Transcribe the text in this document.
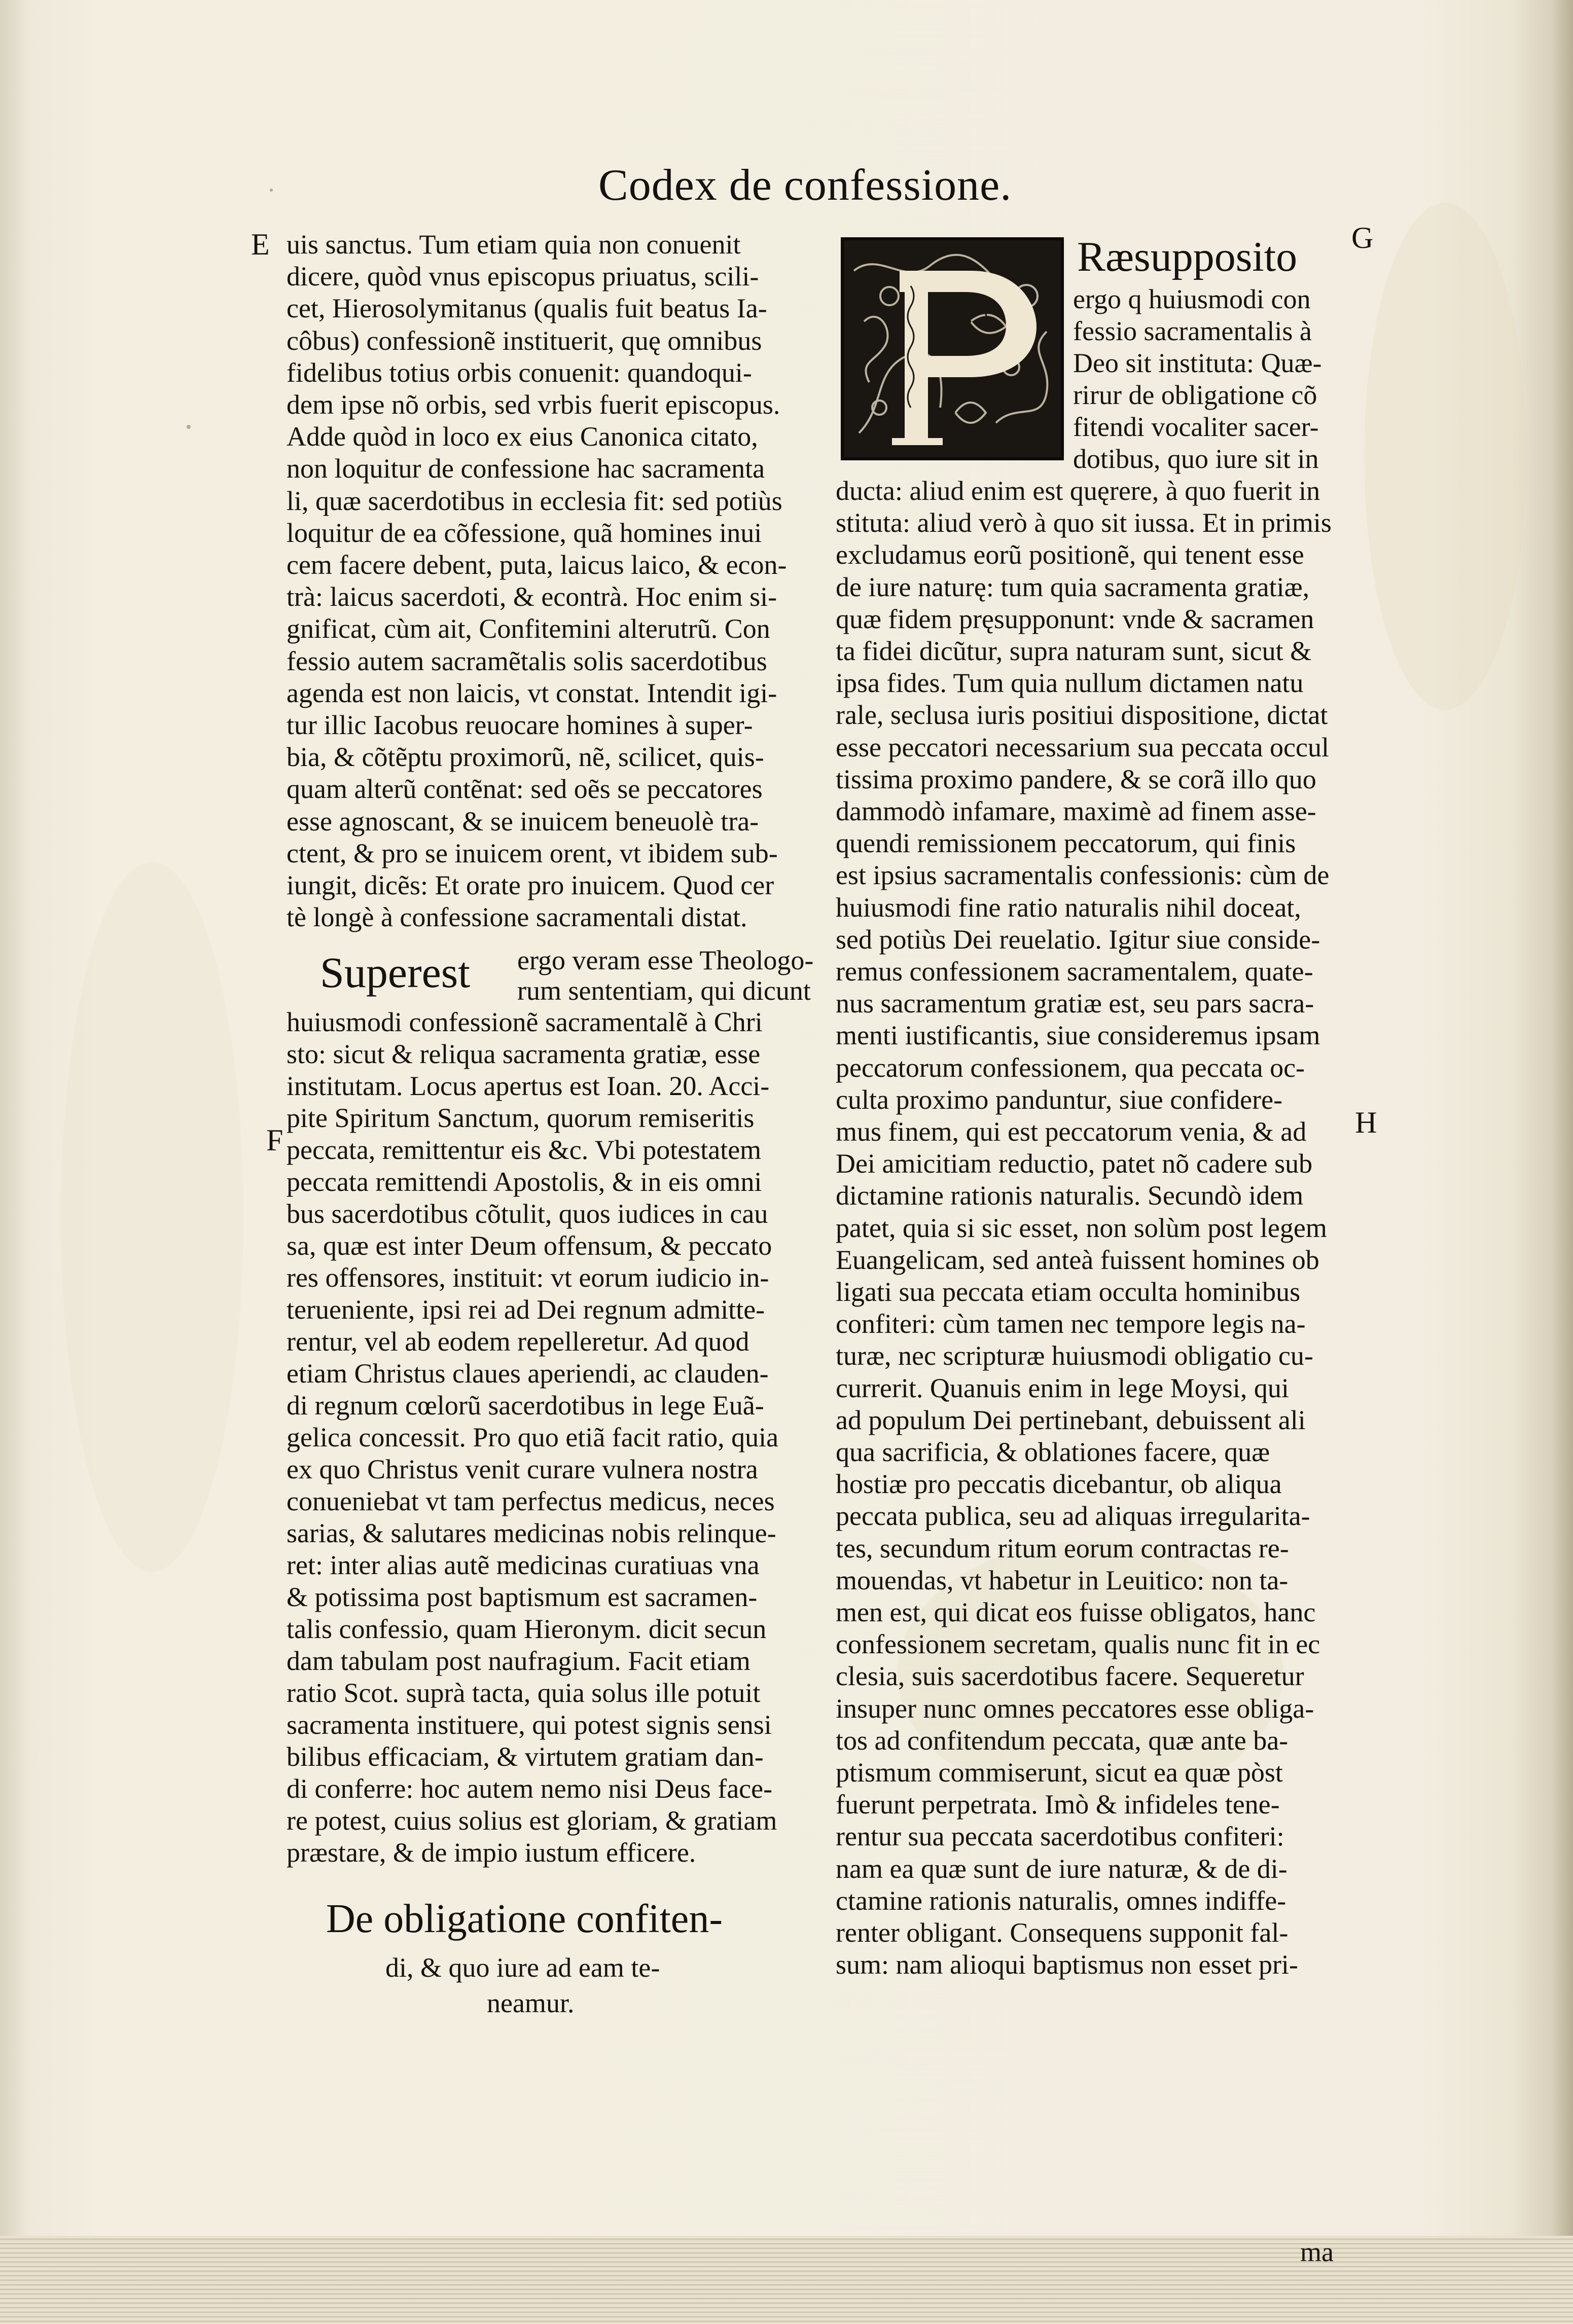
Codex de confessione.
E
F
G
H
uis sanctus. Tum etiam quia non conuenit
dicere, quòd vnus episcopus priuatus, scili-
cet, Hierosolymitanus (qualis fuit beatus Ia-
côbus) confessionẽ instituerit, quę omnibus
fidelibus totius orbis conuenit: quandoqui-
dem ipse nõ orbis, sed vrbis fuerit episcopus.
Adde quòd in loco ex eius Canonica citato,
non loquitur de confessione hac sacramenta
li, quæ sacerdotibus in ecclesia fit: sed potiùs
loquitur de ea cõfessione, quã homines inui
cem facere debent, puta, laicus laico, & econ-
trà: laicus sacerdoti, & econtrà. Hoc enim si-
gnificat, cùm ait, Confitemini alterutrũ. Con
fessio autem sacramẽtalis solis sacerdotibus
agenda est non laicis, vt constat. Intendit igi-
tur illic Iacobus reuocare homines à super-
bia, & cõtẽptu proximorũ, nẽ, scilicet, quis-
quam alterũ contẽnat: sed oẽs se peccatores
esse agnoscant, & se inuicem beneuolè tra-
ctent, & pro se inuicem orent, vt ibidem sub-
iungit, dicẽs: Et orate pro inuicem. Quod cer
tè longè à confessione sacramentali distat.
Superest ergo veram esse Theologo-
rum sententiam, qui dicunt
huiusmodi confessionẽ sacramentalẽ à Chri
sto: sicut & reliqua sacramenta gratiæ, esse
institutam. Locus apertus est Ioan. 20. Acci-
pite Spiritum Sanctum, quorum remiseritis
peccata, remittentur eis &c. Vbi potestatem
peccata remittendi Apostolis, & in eis omni
bus sacerdotibus cõtulit, quos iudices in cau
sa, quæ est inter Deum offensum, & peccato
res offensores, instituit: vt eorum iudicio in-
terueniente, ipsi rei ad Dei regnum admitte-
rentur, vel ab eodem repelleretur. Ad quod
etiam Christus claues aperiendi, ac clauden-
di regnum cœlorũ sacerdotibus in lege Euã-
gelica concessit. Pro quo etiã facit ratio, quia
ex quo Christus venit curare vulnera nostra
conueniebat vt tam perfectus medicus, neces
sarias, & salutares medicinas nobis relinque-
ret: inter alias autẽ medicinas curatiuas vna
& potissima post baptismum est sacramen-
talis confessio, quam Hieronym. dicit secun
dam tabulam post naufragium. Facit etiam
ratio Scot. suprà tacta, quia solus ille potuit
sacramenta instituere, qui potest signis sensi
bilibus efficaciam, & virtutem gratiam dan-
di conferre: hoc autem nemo nisi Deus face-
re potest, cuius solius est gloriam, & gratiam
præstare, & de impio iustum efficere.
De obligatione confiten-
di, & quo iure ad eam te-
neamur.
Ræsupposito
ergo q huiusmodi con
fessio sacramentalis à
Deo sit instituta: Quæ-
rirur de obligatione cõ
fitendi vocaliter sacer-
dotibus, quo iure sit in
ducta: aliud enim est quęrere, à quo fuerit in
stituta: aliud verò à quo sit iussa. Et in primis
excludamus eorũ positionẽ, qui tenent esse
de iure naturę: tum quia sacramenta gratiæ,
quæ fidem pręsupponunt: vnde & sacramen
ta fidei dicũtur, supra naturam sunt, sicut &
ipsa fides. Tum quia nullum dictamen natu
rale, seclusa iuris positiui dispositione, dictat
esse peccatori necessarium sua peccata occul
tissima proximo pandere, & se corã illo quo
dammodò infamare, maximè ad finem asse-
quendi remissionem peccatorum, qui finis
est ipsius sacramentalis confessionis: cùm de
huiusmodi fine ratio naturalis nihil doceat,
sed potiùs Dei reuelatio. Igitur siue conside-
remus confessionem sacramentalem, quate-
nus sacramentum gratiæ est, seu pars sacra-
menti iustificantis, siue consideremus ipsam
peccatorum confessionem, qua peccata oc-
culta proximo panduntur, siue confidere-
mus finem, qui est peccatorum venia, & ad
Dei amicitiam reductio, patet nõ cadere sub
dictamine rationis naturalis. Secundò idem
patet, quia si sic esset, non solùm post legem
Euangelicam, sed anteà fuissent homines ob
ligati sua peccata etiam occulta hominibus
confiteri: cùm tamen nec tempore legis na-
turæ, nec scripturæ huiusmodi obligatio cu-
currerit. Quanuis enim in lege Moysi, qui
ad populum Dei pertinebant, debuissent ali
qua sacrificia, & oblationes facere, quæ
hostiæ pro peccatis dicebantur, ob aliqua
peccata publica, seu ad aliquas irregularita-
tes, secundum ritum eorum contractas re-
mouendas, vt habetur in Leuitico: non ta-
men est, qui dicat eos fuisse obligatos, hanc
confessionem secretam, qualis nunc fit in ec
clesia, suis sacerdotibus facere. Sequeretur
insuper nunc omnes peccatores esse obliga-
tos ad confitendum peccata, quæ ante ba-
ptismum commiserunt, sicut ea quæ pòst
fuerunt perpetrata. Imò & infideles tene-
rentur sua peccata sacerdotibus confiteri:
nam ea quæ sunt de iure naturæ, & de di-
ctamine rationis naturalis, omnes indiffe-
renter obligant. Consequens supponit fal-
sum: nam alioqui baptismus non esset pri-
ma
